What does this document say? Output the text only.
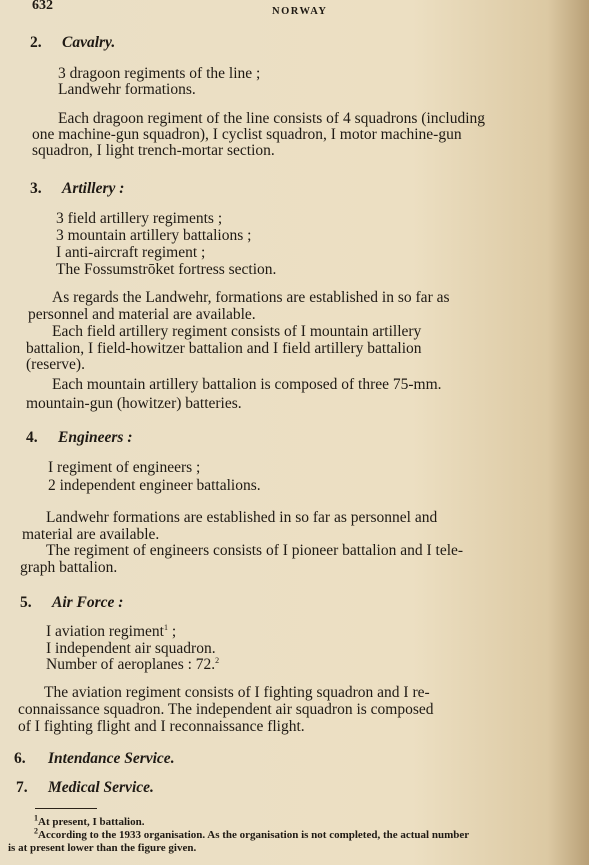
632	NORWAY
2. Cavalry.
3 dragoon regiments of the line ;
Landwehr formations.
Each dragoon regiment of the line consists of 4 squadrons (including
one machine-gun squadron), I cyclist squadron, I motor machine-gun
squadron, I light trench-mortar section.
3. Artillery :
3 field artillery regiments ;
3 mountain artillery battalions ;
I anti-aircraft regiment ;
The Fossumstrōket fortress section.
As regards the Landwehr, formations are established in so far as
personnel and material are available.
Each field artillery regiment consists of I mountain artillery
battalion, I field-howitzer battalion and I field artillery battalion
(reserve).
Each mountain artillery battalion is composed of three 75-mm.
mountain-gun (howitzer) batteries.
4. Engineers :
I regiment of engineers ;
2 independent engineer battalions.
Landwehr formations are established in so far as personnel and
material are available.
The regiment of engineers consists of I pioneer battalion and I tele-
graph battalion.
5. Air Force :
I aviation regiment$^1$ ;
I independent air squadron.
Number of aeroplanes : 72.$^2$
The aviation regiment consists of I fighting squadron and I re-
connaissance squadron. The independent air squadron is composed
of I fighting flight and I reconnaissance flight.
6. Intendance Service.
7. Medical Service.
$^1$At present, I battalion.
$^2$According to the 1933 organisation. As the organisation is not completed, the actual number
is at present lower than the figure given.
